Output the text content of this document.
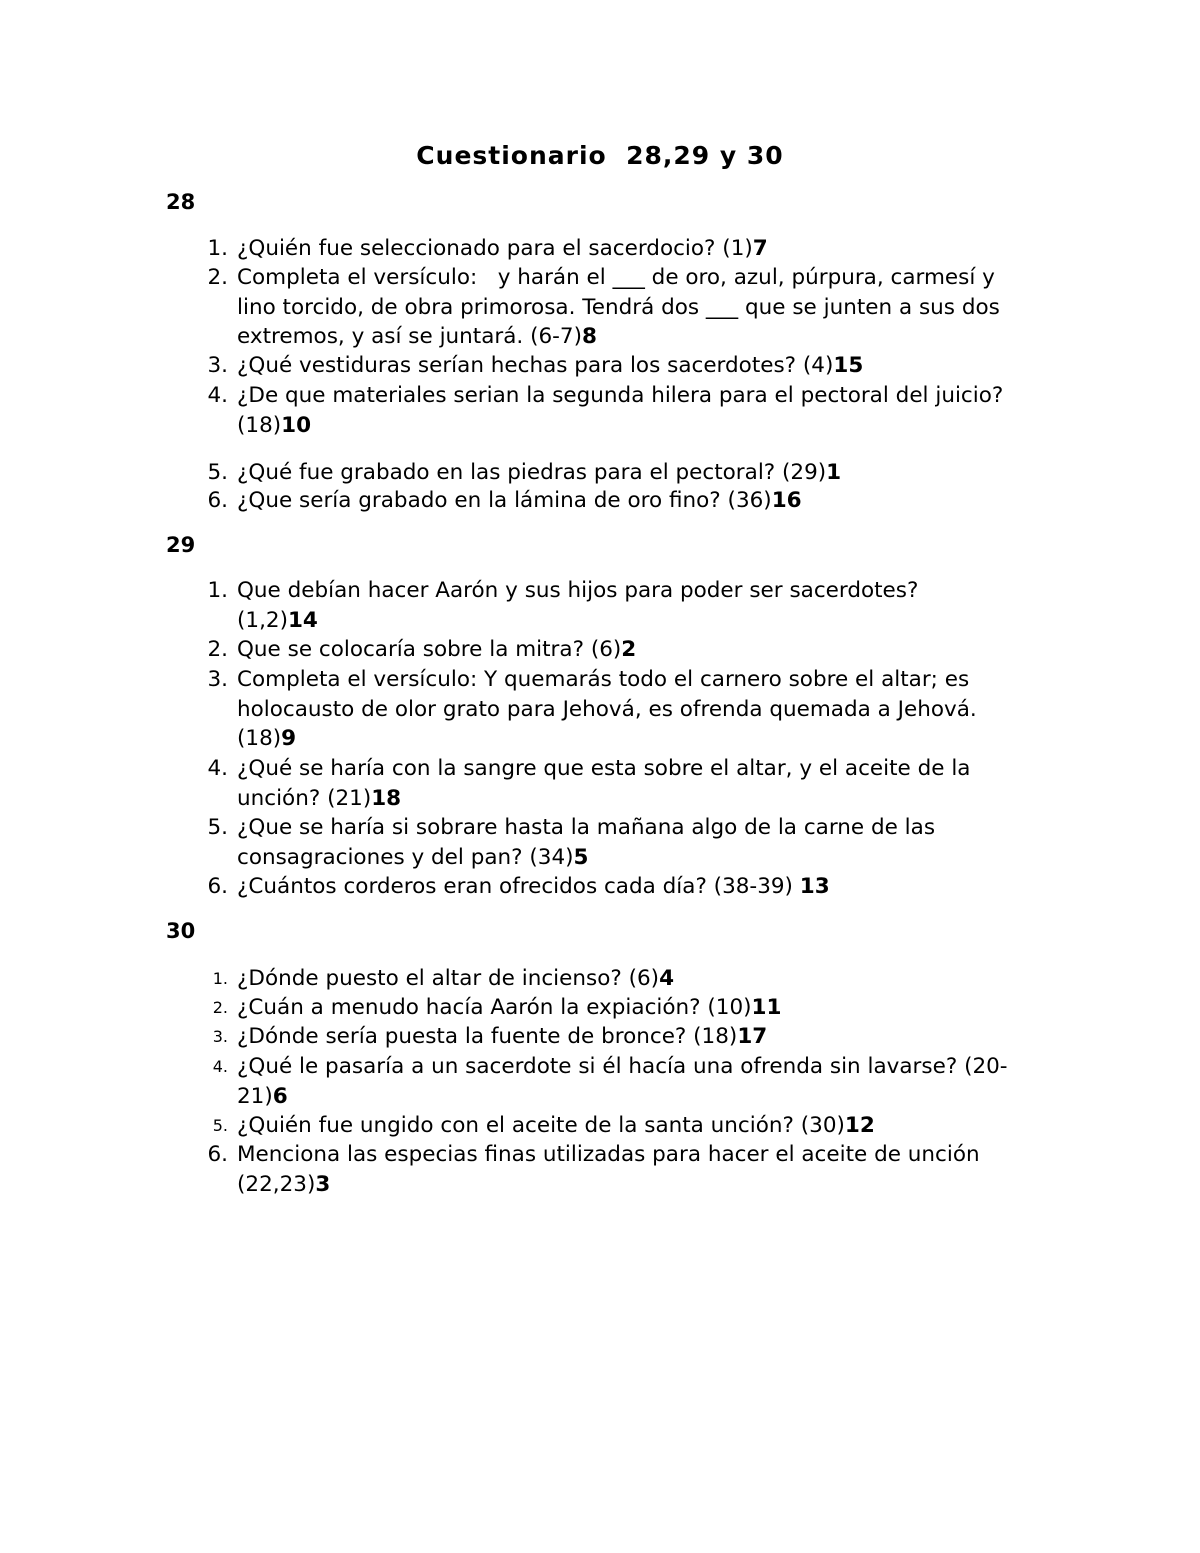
Cuestionario  28,29 y 30
28
1. ¿Quién fue seleccionado para el sacerdocio? (1)7
2. Completa el versículo:   y harán el ___ de oro, azul, púrpura, carmesí y lino torcido, de obra primorosa. Tendrá dos ___ que se junten a sus dos extremos, y así se juntará. (6-7)8
3. ¿Qué vestiduras serían hechas para los sacerdotes? (4)15
4. ¿De que materiales serian la segunda hilera para el pectoral del juicio? (18)10
5. ¿Qué fue grabado en las piedras para el pectoral? (29)1
6. ¿Que sería grabado en la lámina de oro fino? (36)16
29
1. Que debían hacer Aarón y sus hijos para poder ser sacerdotes? (1,2)14
2. Que se colocaría sobre la mitra? (6)2
3. Completa el versículo: Y quemarás todo el carnero sobre el altar; es holocausto de olor grato para Jehová, es ofrenda quemada a Jehová. (18)9
4. ¿Qué se haría con la sangre que esta sobre el altar, y el aceite de la unción? (21)18
5. ¿Que se haría si sobrare hasta la mañana algo de la carne de las consagraciones y del pan? (34)5
6. ¿Cuántos corderos eran ofrecidos cada día? (38-39) 13
30
1. ¿Dónde puesto el altar de incienso? (6)4
2. ¿Cuán a menudo hacía Aarón la expiación? (10)11
3. ¿Dónde sería puesta la fuente de bronce? (18)17
4. ¿Qué le pasaría a un sacerdote si él hacía una ofrenda sin lavarse? (20-21)6
5. ¿Quién fue ungido con el aceite de la santa unción? (30)12
6. Menciona las especias finas utilizadas para hacer el aceite de unción (22,23)3
